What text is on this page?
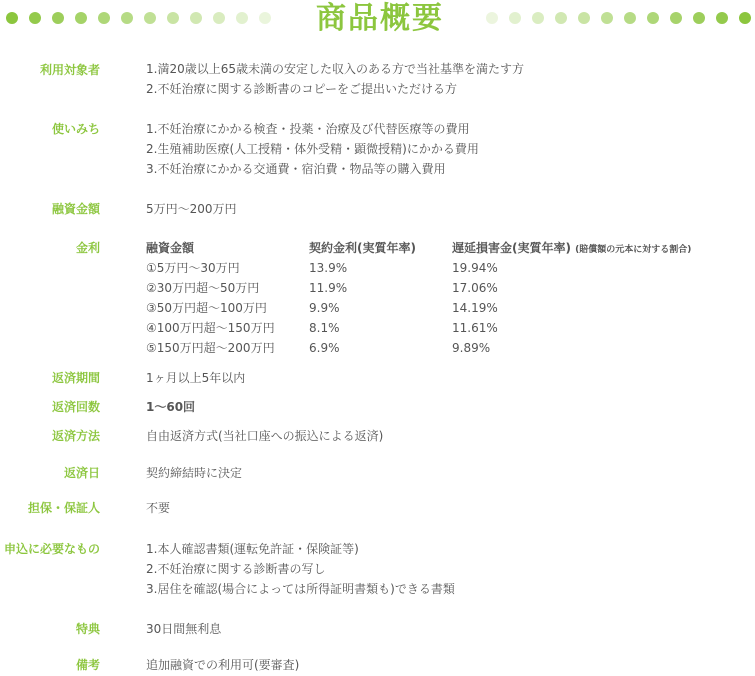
商品概要
利用対象者	1.満20歳以上65歳未満の安定した収入のある方で当社基準を満たす方
2.不妊治療に関する診断書のコピーをご提出いただける方
使いみち	1.不妊治療にかかる検査・投薬・治療及び代替医療等の費用
2.生殖補助医療(人工授精・体外受精・顕微授精)にかかる費用
3.不妊治療にかかる交通費・宿泊費・物品等の購入費用
融資金額	5万円～200万円
金利	融資金額	契約金利(実質年率)	遅延損害金(実質年率) (賠償額の元本に対する割合)
①5万円～30万円	13.9%	19.94%
②30万円超～50万円	11.9%	17.06%
③50万円超～100万円	9.9%	14.19%
④100万円超～150万円	8.1%	11.61%
⑤150万円超～200万円	6.9%	9.89%
返済期間	1ヶ月以上5年以内
返済回数	1～60回
返済方法	自由返済方式(当社口座への振込による返済)
返済日	契約締結時に決定
担保・保証人	不要
申込に必要なもの	1.本人確認書類(運転免許証・保険証等)
2.不妊治療に関する診断書の写し
3.居住を確認(場合によっては所得証明書類も)できる書類
特典	30日間無利息
備考	追加融資での利用可(要審査)
